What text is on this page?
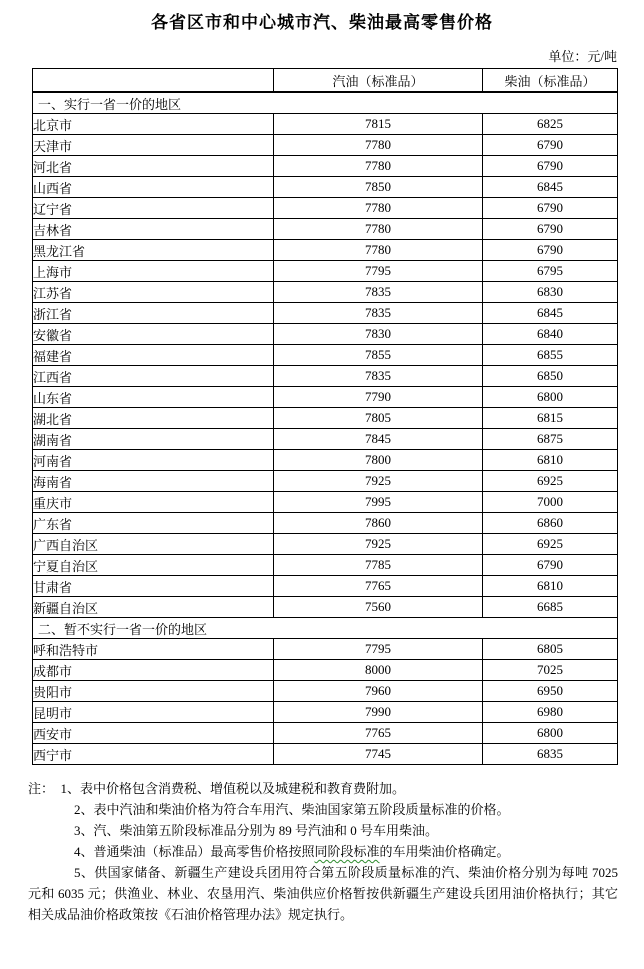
各省区市和中心城市汽、柴油最高零售价格
单位：元/吨
	汽油（标准品）	柴油（标准品）
一、实行一省一价的地区		
北京市	7815	6825
天津市	7780	6790
河北省	7780	6790
山西省	7850	6845
辽宁省	7780	6790
吉林省	7780	6790
黑龙江省	7780	6790
上海市	7795	6795
江苏省	7835	6830
浙江省	7835	6845
安徽省	7830	6840
福建省	7855	6855
江西省	7835	6850
山东省	7790	6800
湖北省	7805	6815
湖南省	7845	6875
河南省	7800	6810
海南省	7925	6925
重庆市	7995	7000
广东省	7860	6860
广西自治区	7925	6925
宁夏自治区	7785	6790
甘肃省	7765	6810
新疆自治区	7560	6685
二、暂不实行一省一价的地区		
呼和浩特市	7795	6805
成都市	8000	7025
贵阳市	7960	6950
昆明市	7990	6980
西安市	7765	6800
西宁市	7745	6835

注： 1、表中价格包含消费税、增值税以及城建税和教育费附加。

2、表中汽油和柴油价格为符合车用汽、柴油国家第五阶段质量标准的价格。

3、汽、柴油第五阶段标准品分别为 89 号汽油和 0 号车用柴油。

4、普通柴油（标准品）最高零售价格按照同阶段标准的车用柴油价格确定。

5、供国家储备、新疆生产建设兵团用符合第五阶段质量标准的汽、柴油价格分别为每吨 7025 元和 6035 元；供渔业、林业、农垦用汽、柴油供应价格暂按供新疆生产建设兵团用油价格执行；其它相关成品油价格政策按《石油价格管理办法》规定执行。
